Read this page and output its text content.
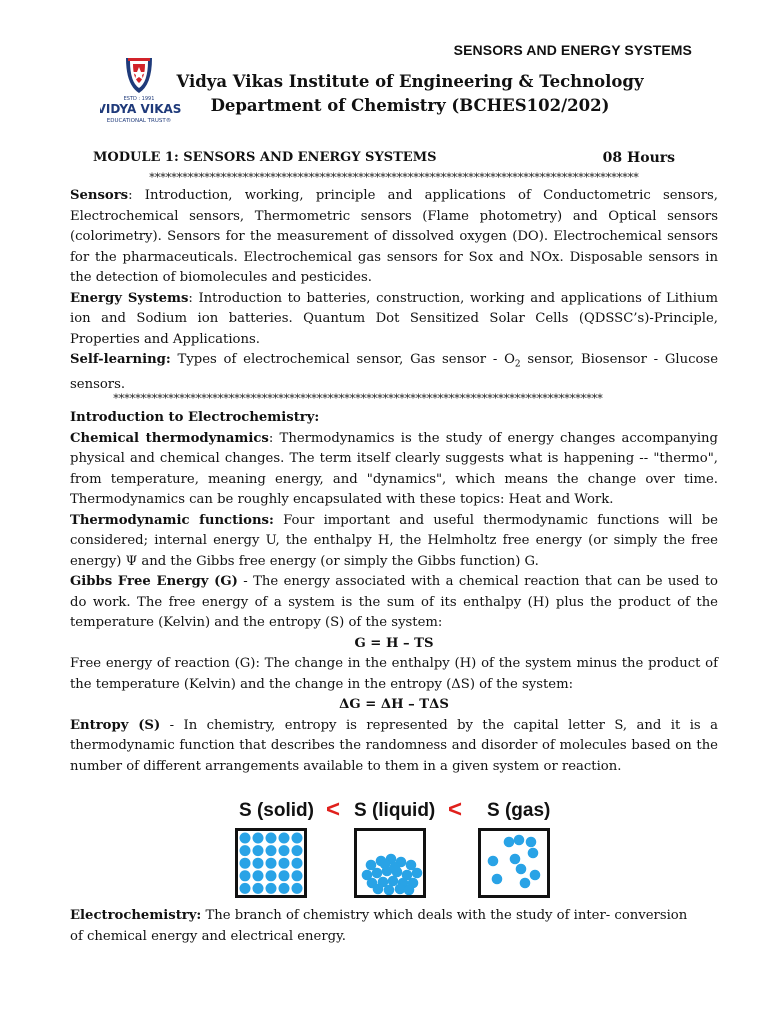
SENSORS AND ENERGY SYSTEMS
ESTD : 1991
VIDYA VIKAS
EDUCATIONAL TRUST®
Vidya Vikas Institute of Engineering & Technology
Department of Chemistry (BCHES102/202)
MODULE 1: SENSORS AND ENERGY SYSTEMS	08 Hours
*****************************************************************************************

Sensors: Introduction, working, principle and applications of Conductometric sensors, Electrochemical sensors, Thermometric sensors (Flame photometry) and Optical sensors (colorimetry). Sensors for the measurement of dissolved oxygen (DO). Electrochemical sensors for the pharmaceuticals. Electrochemical gas sensors for Sox and NOx. Disposable sensors in the detection of biomolecules and pesticides.

Energy Systems: Introduction to batteries, construction, working and applications of Lithium ion and Sodium ion batteries. Quantum Dot Sensitized Solar Cells (QDSSC’s)-Principle, Properties and Applications.

Self-learning: Types of electrochemical sensor, Gas sensor - $O_2$ sensor, Biosensor - Glucose sensors.

*****************************************************************************************

Introduction to Electrochemistry:

Chemical thermodynamics: Thermodynamics is the study of energy changes accompanying physical and chemical changes. The term itself clearly suggests what is happening -- "thermo", from temperature, meaning energy, and "dynamics", which means the change over time. Thermodynamics can be roughly encapsulated with these topics: Heat and Work.

Thermodynamic functions: Four important and useful thermodynamic functions will be considered; internal energy U, the enthalpy H, the Helmholtz free energy (or simply the free energy) Ψ and the Gibbs free energy (or simply the Gibbs function) G.

Gibbs Free Energy (G) - The energy associated with a chemical reaction that can be used to do work. The free energy of a system is the sum of its enthalpy (H) plus the product of the temperature (Kelvin) and the entropy (S) of the system:

G = H – TS

Free energy of reaction (G): The change in the enthalpy (H) of the system minus the product of the temperature (Kelvin) and the change in the entropy (ΔS) of the system:

ΔG = ΔH – TΔS

Entropy (S) - In chemistry, entropy is represented by the capital letter S, and it is a thermodynamic function that describes the randomness and disorder of molecules based on the number of different arrangements available to them in a given system or reaction.

S (solid) < S (liquid) < S (gas)

Electrochemistry: The branch of chemistry which deals with the study of inter- conversion

of chemical energy and electrical energy.
